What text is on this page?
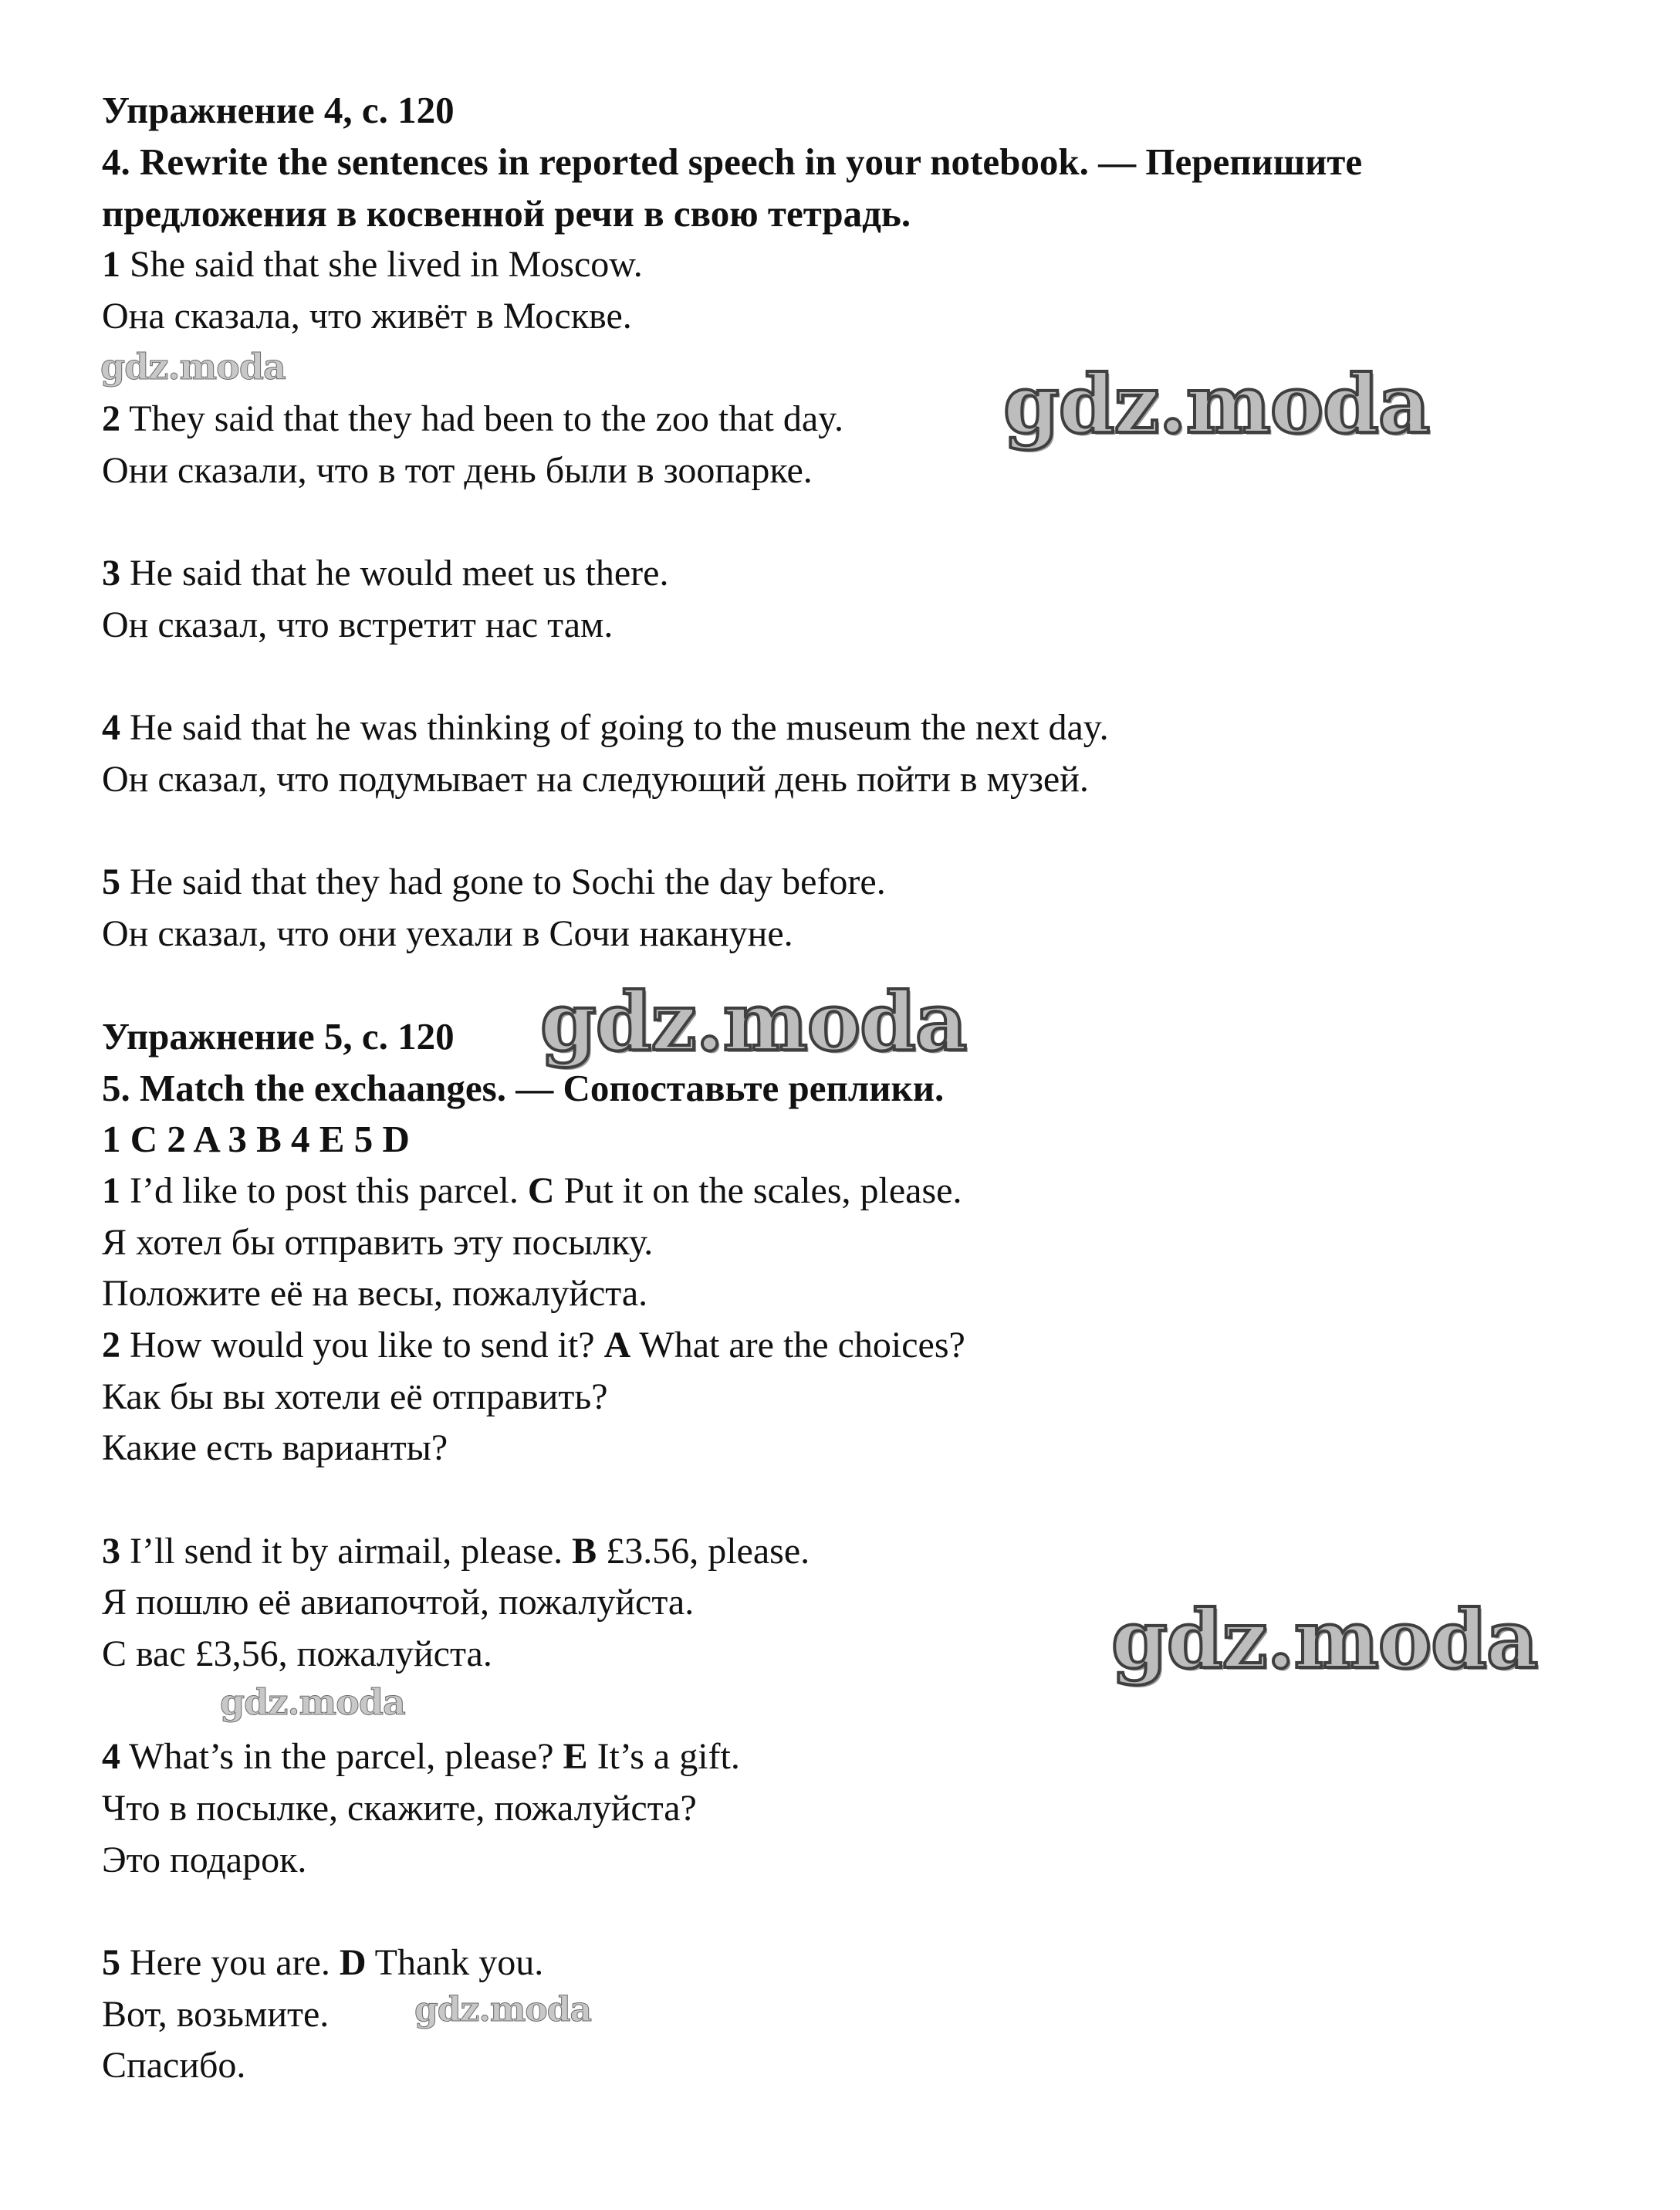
Упражнение 4, с. 120
4. Rewrite the sentences in reported speech in your notebook. — Перепишите
предложения в косвенной речи в свою тетрадь.
1 She said that she lived in Moscow.
Она сказала, что живёт в Москве.
2 They said that they had been to the zoo that day.
Они сказали, что в тот день были в зоопарке.
3 He said that he would meet us there.
Он сказал, что встретит нас там.
4 He said that he was thinking of going to the museum the next day.
Он сказал, что подумывает на следующий день пойти в музей.
5 He said that they had gone to Sochi the day before.
Он сказал, что они уехали в Сочи накануне.
Упражнение 5, с. 120
5. Match the exchaanges. — Сопоставьте реплики.
1 C 2 A 3 B 4 E 5 D
1 I’d like to post this parcel. C Put it on the scales, please.
Я хотел бы отправить эту посылку.
Положите её на весы, пожалуйста.
2 How would you like to send it? A What are the choices?
Как бы вы хотели её отправить?
Какие есть варианты?
3 I’ll send it by airmail, please. B £3.56, please.
Я пошлю её авиапочтой, пожалуйста.
С вас £3,56, пожалуйста.
4 What’s in the parcel, please? E It’s a gift.
Что в посылке, скажите, пожалуйста?
Это подарок.
5 Here you are. D Thank you.
Вот, возьмите.
Спасибо.
gdz.moda	gdz.moda
gdz.moda
gdz.moda
gdz.moda
gdz.moda
